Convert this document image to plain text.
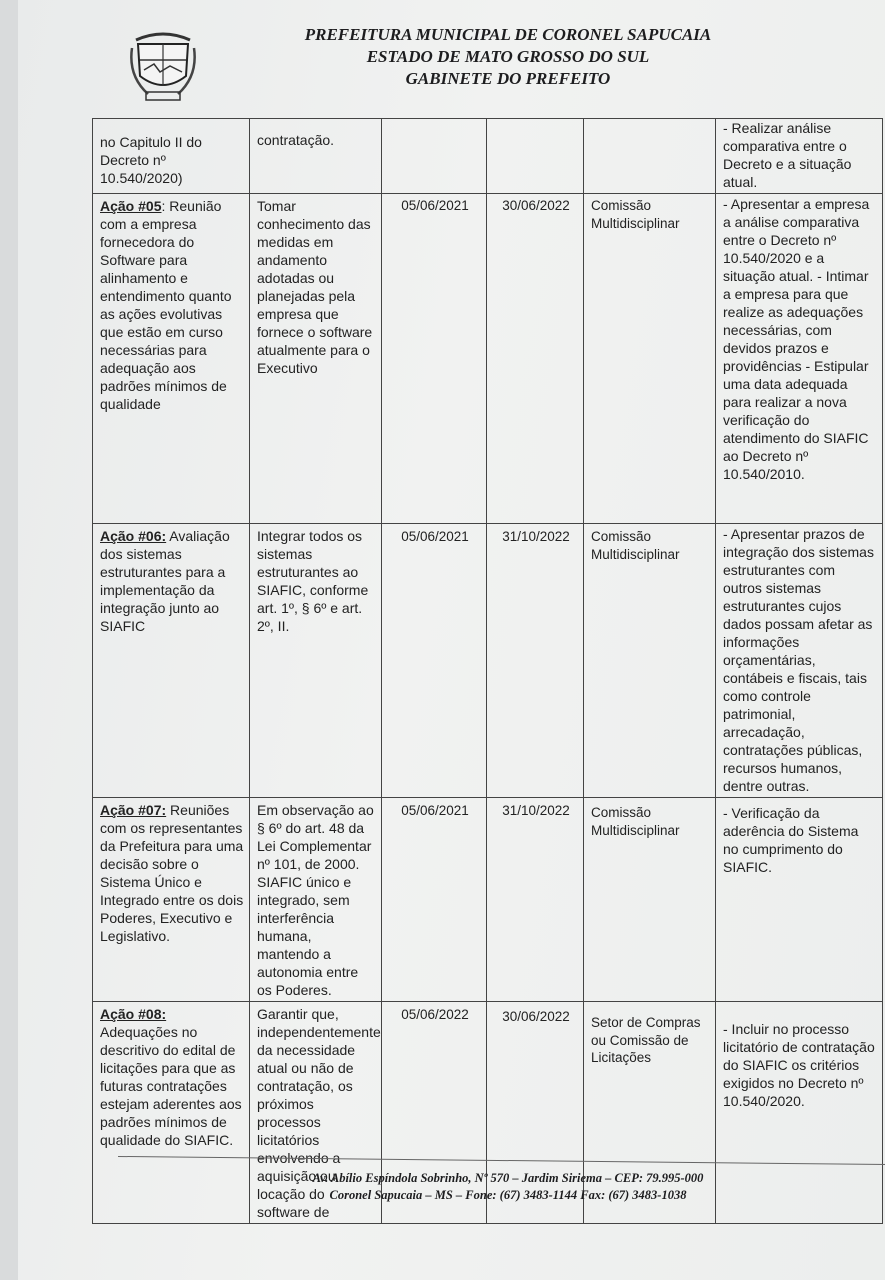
PREFEITURA MUNICIPAL DE CORONEL SAPUCAIA
ESTADO DE MATO GROSSO DO SUL
GABINETE DO PREFEITO
no Capitulo II do Decreto nº 10.540/2020)	contratação.				- Realizar análise comparativa entre o Decreto e a situação atual.
Ação #05: Reunião com a empresa fornecedora do Software para alinhamento e entendimento quanto as ações evolutivas que estão em curso necessárias para adequação aos padrões mínimos de qualidade	Tomar conhecimento das medidas em andamento adotadas ou planejadas pela empresa que fornece o software atualmente para o Executivo	05/06/2021	30/06/2022	Comissão Multidisciplinar	- Apresentar a empresa a análise comparativa entre o Decreto nº 10.540/2020 e a situação atual. - Intimar a empresa para que realize as adequações necessárias, com devidos prazos e providências - Estipular uma data adequada para realizar a nova verificação do atendimento do SIAFIC ao Decreto nº 10.540/2010.
Ação #06: Avaliação dos sistemas estruturantes para a implementação da integração junto ao SIAFIC	Integrar todos os sistemas estruturantes ao SIAFIC, conforme art. 1º, § 6º e art. 2º, II.	05/06/2021	31/10/2022	Comissão Multidisciplinar	- Apresentar prazos de integração dos sistemas estruturantes com outros sistemas estruturantes cujos dados possam afetar as informações orçamentárias, contábeis e fiscais, tais como controle patrimonial, arrecadação, contratações públicas, recursos humanos, dentre outras.
Ação #07: Reuniões com os representantes da Prefeitura para uma decisão sobre o Sistema Único e Integrado entre os dois Poderes, Executivo e Legislativo.	Em observação ao § 6º do art. 48 da Lei Complementar nº 101, de 2000. SIAFIC único e integrado, sem interferência humana, mantendo a autonomia entre os Poderes.	05/06/2021	31/10/2022	Comissão Multidisciplinar	- Verificação da aderência do Sistema no cumprimento do SIAFIC.
Ação #08: Adequações no descritivo do edital de licitações para que as futuras contratações estejam aderentes aos padrões mínimos de qualidade do SIAFIC.	Garantir que, independentemente da necessidade atual ou não de contratação, os próximos processos licitatórios aquisição ou locação do software de	05/06/2022	30/06/2022	Setor de Compras ou Comissão de Licitações	- Incluir no processo licitatório de contratação do SIAFIC os critérios exigidos no Decreto nº 10.540/2020.
Av. Abílio Espíndola Sobrinho, Nº 570 – Jardim Siriema – CEP: 79.995-000
Coronel Sapucaia – MS – Fone: (67) 3483-1144 Fax: (67) 3483-1038
